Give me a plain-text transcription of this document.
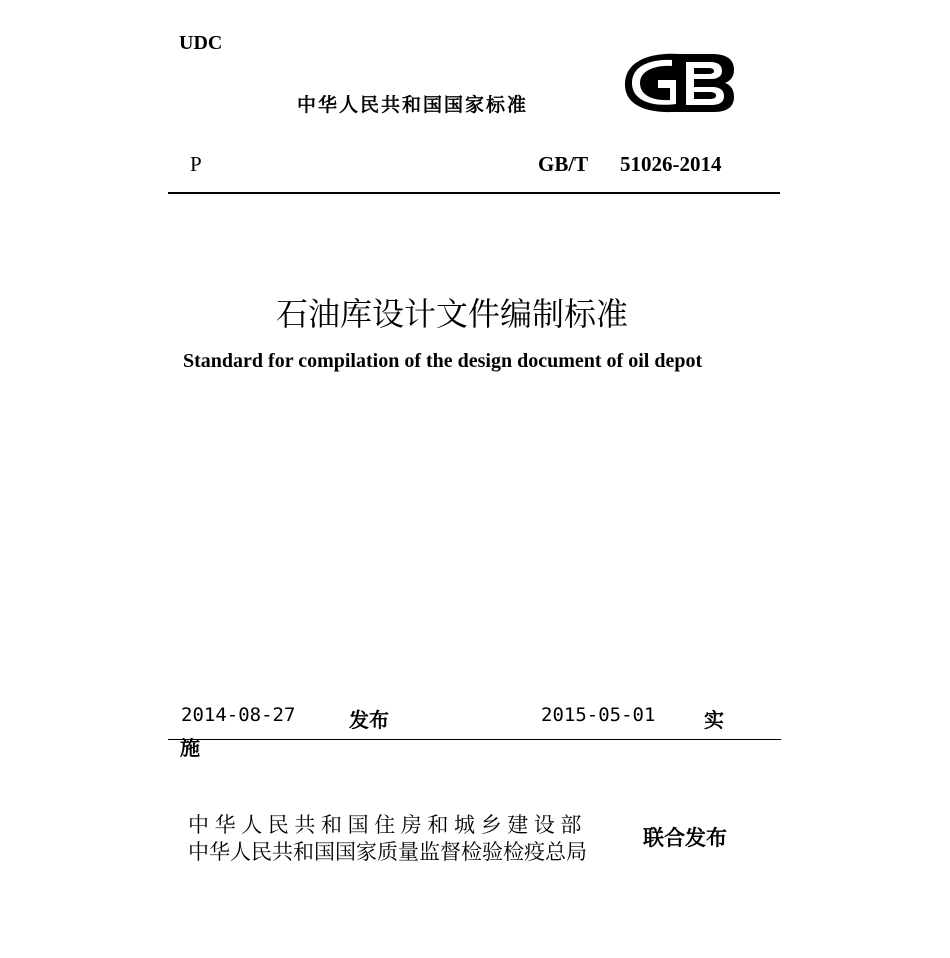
UDC
中华人民共和国国家标准
P	GB/T 51026-2014
石油库设计文件编制标准
Standard for compilation of the design document of oil depot
2014-08-27	发布	2015-05-01 实
施
中华人民共和国住房和城乡建设部
中华人民共和国国家质量监督检验检疫总局
联合发布
